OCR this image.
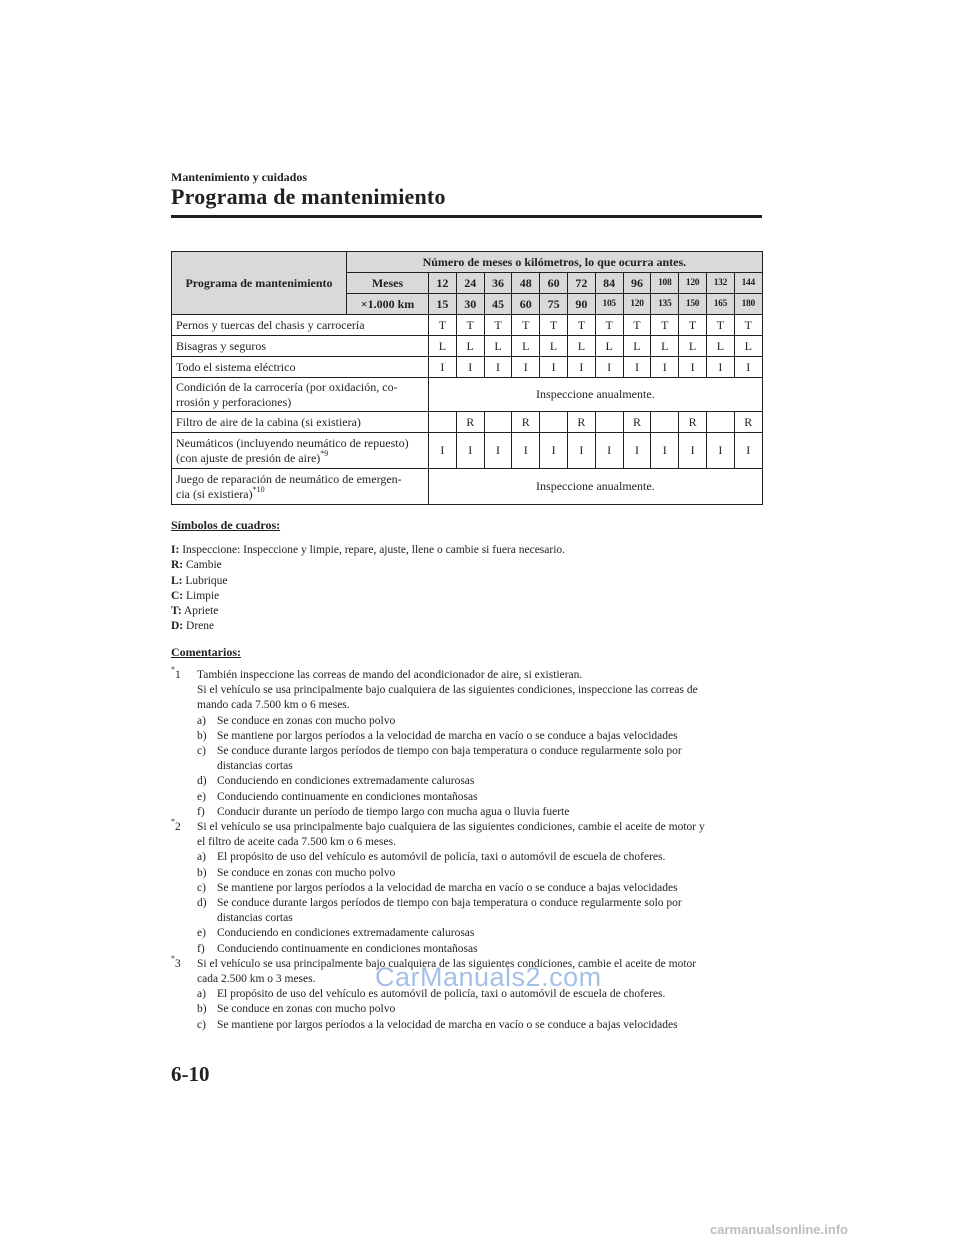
Mantenimiento y cuidados
Programa de mantenimiento
Programa de mantenimiento	Número de meses o kilómetros, lo que ocurra antes.												
	Meses	12	24	36	48	60	72	84	96	108	120	132	144
	×1.000 km	15	30	45	60	75	90	105	120	135	150	165	180
Pernos y tuercas del chasis y carrocería		T	T	T	T	T	T	T	T	T	T	T	T
Bisagras y seguros		L	L	L	L	L	L	L	L	L	L	L	L
Todo el sistema eléctrico		I	I	I	I	I	I	I	I	I	I	I	I
Condición de la carrocería (por oxidación, co-
rrosión y perforaciones)		Inspeccione anualmente.											
Filtro de aire de la cabina (si existiera)			R		R		R		R		R		R
Neumáticos (incluyendo neumático de repuesto)
(con ajuste de presión de aire)$^{*9}$		I	I	I	I	I	I	I	I	I	I	I	I
Juego de reparación de neumático de emergen-
cia (si existiera)$^{*10}$		Inspeccione anualmente.											
Símbolos de cuadros:
I: Inspeccione: Inspeccione y limpie, repare, ajuste, llene o cambie si fuera necesario.
R: Cambie
L: Lubrique
C: Limpie
T: Apriete
D: Drene
Comentarios:
*1 También inspeccione las correas de mando del acondicionador de aire, si existieran.
Si el vehículo se usa principalmente bajo cualquiera de las siguientes condiciones, inspeccione las correas de
mando cada 7.500 km o 6 meses.
a) Se conduce en zonas con mucho polvo
b) Se mantiene por largos períodos a la velocidad de marcha en vacío o se conduce a bajas velocidades
c) Se conduce durante largos períodos de tiempo con baja temperatura o conduce regularmente solo por
distancias cortas
d) Conduciendo en condiciones extremadamente calurosas
e) Conduciendo continuamente en condiciones montañosas
f) Conducir durante un período de tiempo largo con mucha agua o lluvia fuerte
*2 Si el vehículo se usa principalmente bajo cualquiera de las siguientes condiciones, cambie el aceite de motor y
el filtro de aceite cada 7.500 km o 6 meses.
a) El propósito de uso del vehículo es automóvil de policía, taxi o automóvil de escuela de choferes.
b) Se conduce en zonas con mucho polvo
c) Se mantiene por largos períodos a la velocidad de marcha en vacío o se conduce a bajas velocidades
d) Se conduce durante largos períodos de tiempo con baja temperatura o conduce regularmente solo por
distancias cortas
e) Conduciendo en condiciones extremadamente calurosas
f) Conduciendo continuamente en condiciones montañosas
*3 Si el vehículo se usa principalmente bajo cualquiera de las siguientes condiciones, cambie el aceite de motor
cada 2.500 km o 3 meses.
a) El propósito de uso del vehículo es automóvil de policía, taxi o automóvil de escuela de choferes.
b) Se conduce en zonas con mucho polvo
c) Se mantiene por largos períodos a la velocidad de marcha en vacío o se conduce a bajas velocidades
CarManuals2.com
6-10
carmanualsonline.info
